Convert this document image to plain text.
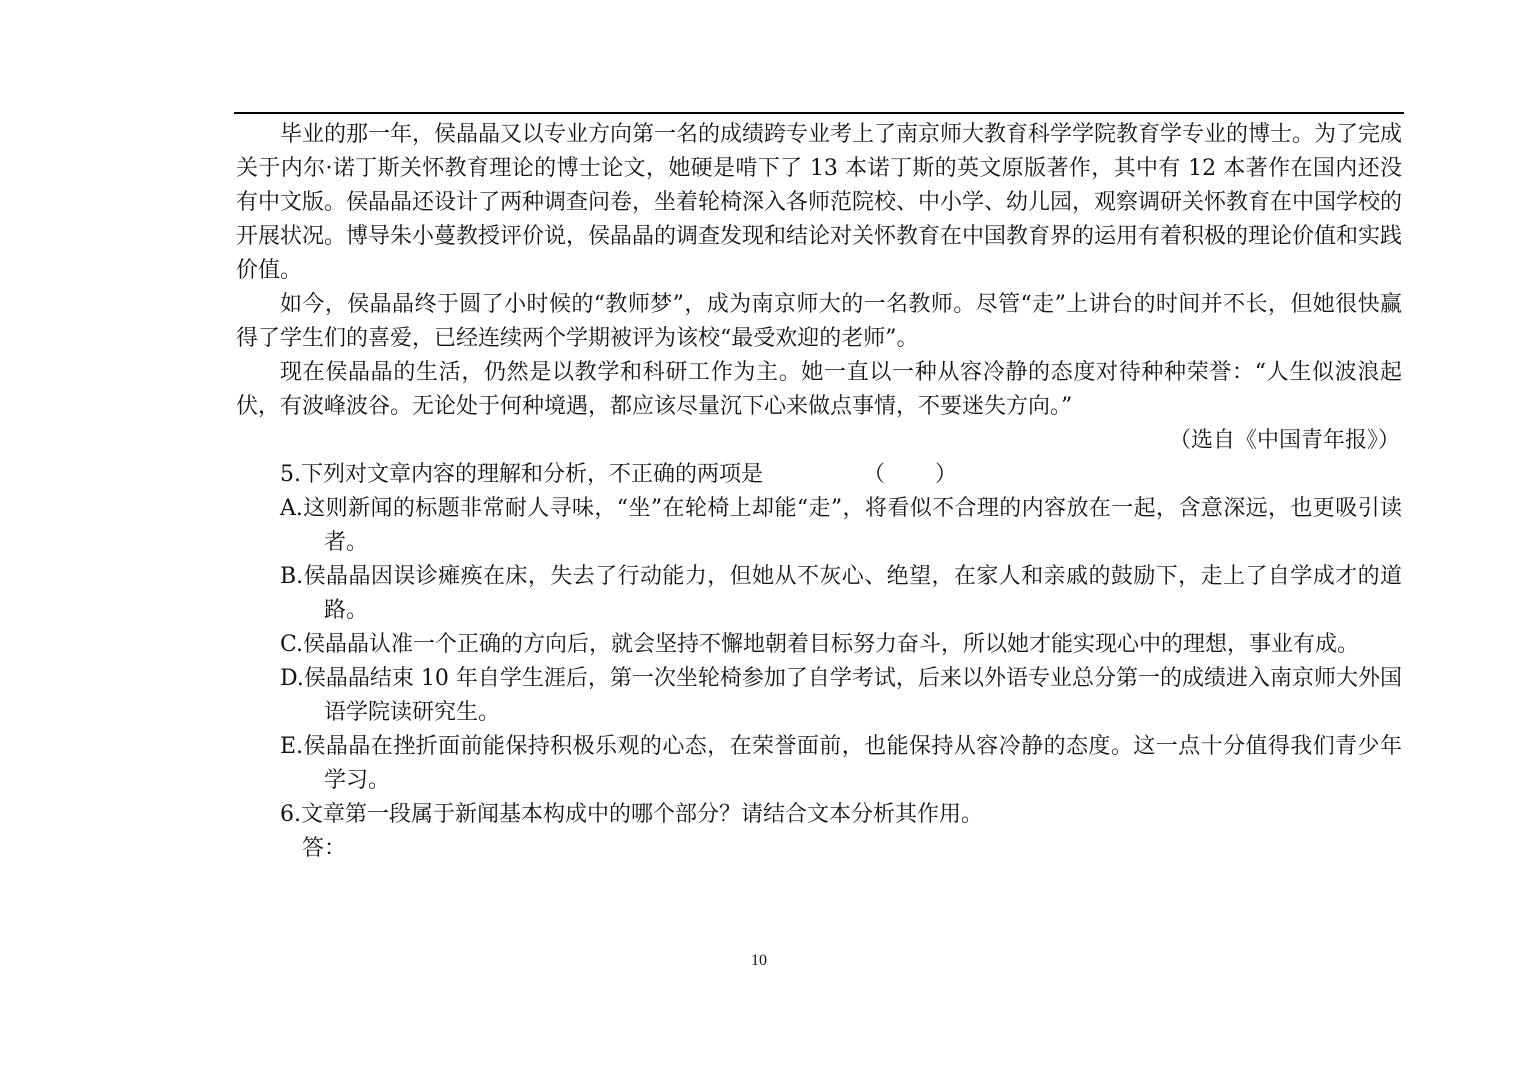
毕业的那一年，侯晶晶又以专业方向第一名的成绩跨专业考上了南京师大教育科学学院教育学专业的博士。为了完成关于内尔·诺丁斯关怀教育理论的博士论文，她硬是啃下了 13 本诺丁斯的英文原版著作，其中有 12 本著作在国内还没有中文版。侯晶晶还设计了两种调查问卷，坐着轮椅深入各师范院校、中小学、幼儿园，观察调研关怀教育在中国学校的开展状况。博导朱小蔓教授评价说，侯晶晶的调查发现和结论对关怀教育在中国教育界的运用有着积极的理论价值和实践价值。

如今，侯晶晶终于圆了小时候的“教师梦”，成为南京师大的一名教师。尽管“走”上讲台的时间并不长，但她很快赢得了学生们的喜爱，已经连续两个学期被评为该校“最受欢迎的老师”。

现在侯晶晶的生活，仍然是以教学和科研工作为主。她一直以一种从容冷静的态度对待种种荣誉：“人生似波浪起伏，有波峰波谷。无论处于何种境遇，都应该尽量沉下心来做点事情，不要迷失方向。”

（选自《中国青年报》）

5.下列对文章内容的理解和分析，不正确的两项是	（　　）

A.这则新闻的标题非常耐人寻味，“坐”在轮椅上却能“走”，将看似不合理的内容放在一起，含意深远，也更吸引读者。

B.侯晶晶因误诊瘫痪在床，失去了行动能力，但她从不灰心、绝望，在家人和亲戚的鼓励下，走上了自学成才的道路。

C.侯晶晶认准一个正确的方向后，就会坚持不懈地朝着目标努力奋斗，所以她才能实现心中的理想，事业有成。

D.侯晶晶结束 10 年自学生涯后，第一次坐轮椅参加了自学考试，后来以外语专业总分第一的成绩进入南京师大外国语学院读研究生。

E.侯晶晶在挫折面前能保持积极乐观的心态，在荣誉面前，也能保持从容冷静的态度。这一点十分值得我们青少年学习。

6.文章第一段属于新闻基本构成中的哪个部分？请结合文本分析其作用。

答：

10
